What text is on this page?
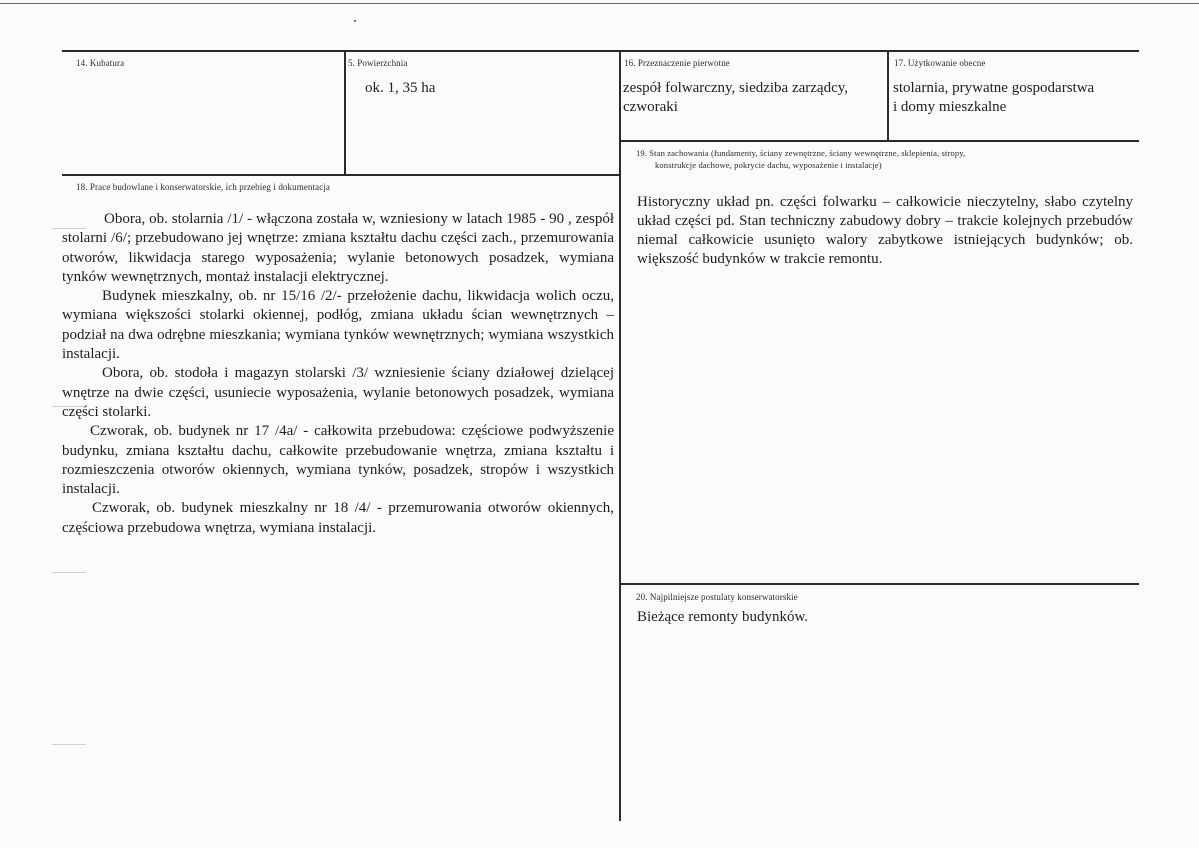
14. Kubatura	5. Powierzchnia
ok. 1, 35 ha
16. Przeznaczenie pierwotne
zespół folwarczny, siedziba zarządcy,
czworaki
17. Użytkowanie obecne
stolarnia, prywatne gospodarstwa
i domy mieszkalne
19. Stan zachowania (fundamenty, ściany zewnętrzne, ściany wewnętrzne, sklepienia, stropy,
konstrukcje dachowe, pokrycie dachu, wyposażenie i instalacje)
Historyczny układ pn. części folwarku – całkowicie nieczytelny, słabo czytelny układ części pd. Stan techniczny zabudowy dobry – trakcie kolejnych przebudów niemal całkowicie usunięto walory zabytkowe istniejących budynków; ob. większość budynków w trakcie remontu.
18. Prace budowlane i konserwatorskie, ich przebieg i dokumentacja

Obora, ob. stolarnia /1/ - włączona została w, wzniesiony w latach 1985 - 90 , zespół stolarni /6/; przebudowano jej wnętrze: zmiana kształtu dachu części zach., przemurowania otworów, likwidacja starego wyposażenia; wylanie betonowych posadzek, wymiana tynków wewnętrznych, montaż instalacji elektrycznej.

Budynek mieszkalny, ob. nr 15/16 /2/- przełożenie dachu, likwidacja wolich oczu, wymiana większości stolarki okiennej, podłóg, zmiana układu ścian wewnętrznych – podział na dwa odrębne mieszkania; wymiana tynków wewnętrznych; wymiana wszystkich instalacji.

Obora, ob. stodoła i magazyn stolarski /3/ wzniesienie ściany działowej dzielącej wnętrze na dwie części, usuniecie wyposażenia, wylanie betonowych posadzek, wymiana części stolarki.

Czworak, ob. budynek nr 17 /4a/ - całkowita przebudowa: częściowe podwyższenie budynku, zmiana kształtu dachu, całkowite przebudowanie wnętrza, zmiana kształtu i rozmieszczenia otworów okiennych, wymiana tynków, posadzek, stropów i wszystkich instalacji.

Czworak, ob. budynek mieszkalny nr 18 /4/ - przemurowania otworów okiennych, częściowa przebudowa wnętrza, wymiana instalacji.

20. Najpilniejsze postulaty konserwatorskie
Bieżące remonty budynków.
